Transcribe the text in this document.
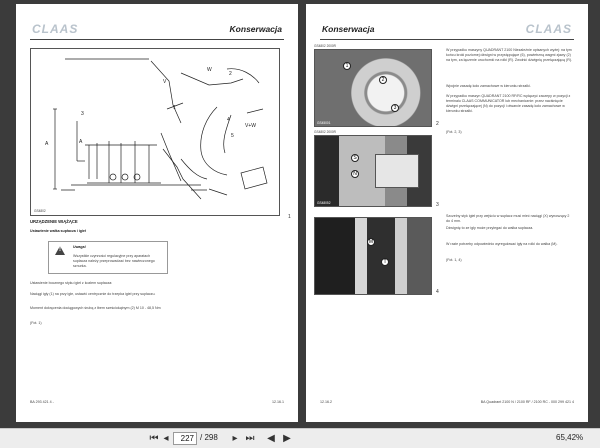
CLAAS	Konserwacja
A	A
V
V+W
W
3
1
2
4
5
GS4802
1
URZĄDZENIE WIĄŻĄCE
Ustawienie wałka supłacza i igieł
!
Uwaga!
Wszystkie czynności regulacyjne przy aparatach supłacza należy przeprowadzać bez nawleczonego sznurka.
Ustawienie bocznego styku igieł z kozłem supłacza:
Naciągi igły (1) na przy igle, ustawić centrycznie do trzepka igieł przy supłaczu.
Moment dokręcenia dociągowych śrubą z łbem sześciokątnym (2) M 10 - 48,5 Nm
(Fot. 1)
BA 293 421 4 -	12.16.1
Konserwacja	CLAAS
GS4802 2000R
1
2
3
GS45001	2
GS4802 2000R
S
N
GS48052	3
M
T
4
W przypadku maszyny QUADRANT 2100 Niezależnie opisanych wyżej: na tym końcu kroki poziomej dźwigni w przystępujące (6), powietrzną wagmi zjawy (2) na tym, za łączenie uruchomić na rolki (R). Zwolnić dźwignię przełączającą (R).
Wpojnie zasadę koło zamachowe w kierunku strzałki.
W przypadku maszyn QUADRANT 2100 RF/RC wyłączyć zaczepy w pozycji z terminalu CLAAS COMMUNICATOR lub mechanicznie: przez naciśnięcie dźwigni przełączającej (N) do pozycji i otwarcie zasadę koło zamachowe w kierunku strzałki.
(Fot. 2, 3)
Szczelny styk igieł przy wejściu w supłacz musi mieć naciągi (X) wynoszący 2 do 4 mm.
Dźwignię to ze igły może przylegać do wałka supłacza.
W razie potrzeby odpowiednio wyregulować igły na rolki do wałka (M).
(Fot. 1, 4)
12.16.2	BA Quadrant 2100 N / 2100 RF / 2100 RC - 000 299 421 4
⏮ ◂	227 / 298	▸ ⏭	◀ ▶	65,42%
